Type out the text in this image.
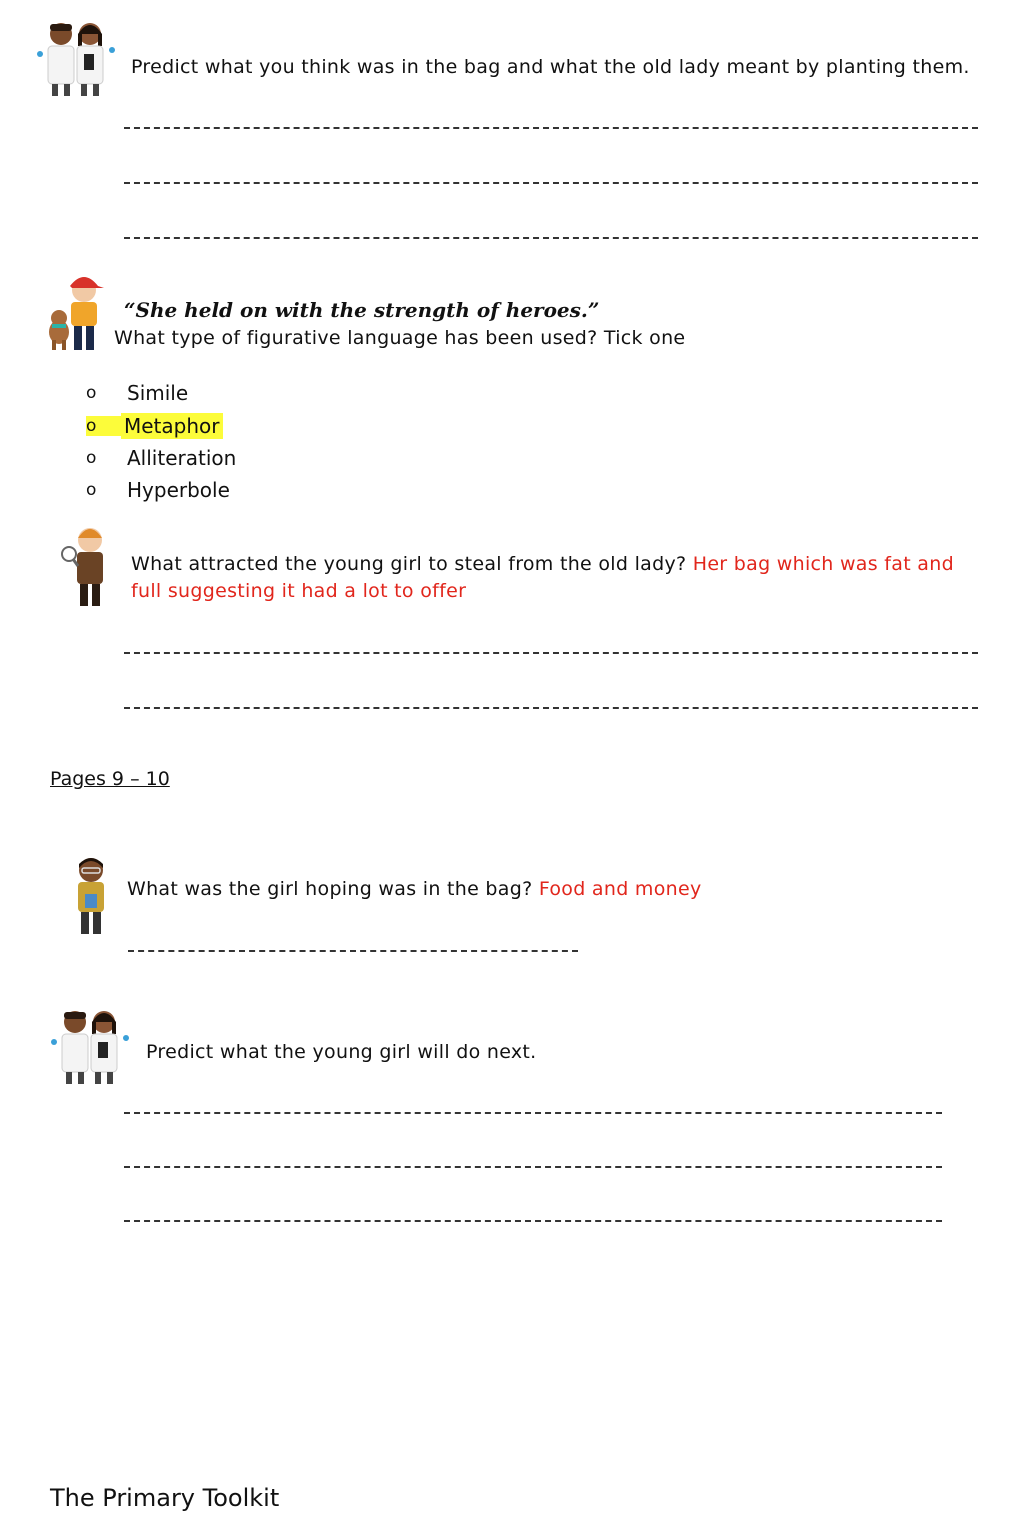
Predict what you think was in the bag and what the old lady meant by planting them.
“She held on with the strength of heroes.”
What type of figurative language has been used? Tick one
o	Simile
o	Metaphor
o	Alliteration
o	Hyperbole
What attracted the young girl to steal from the old lady? Her bag which was fat and full suggesting it had a lot to offer
Pages 9 – 10
What was the girl hoping was in the bag? Food and money
Predict what the young girl will do next.
The Primary Toolkit
